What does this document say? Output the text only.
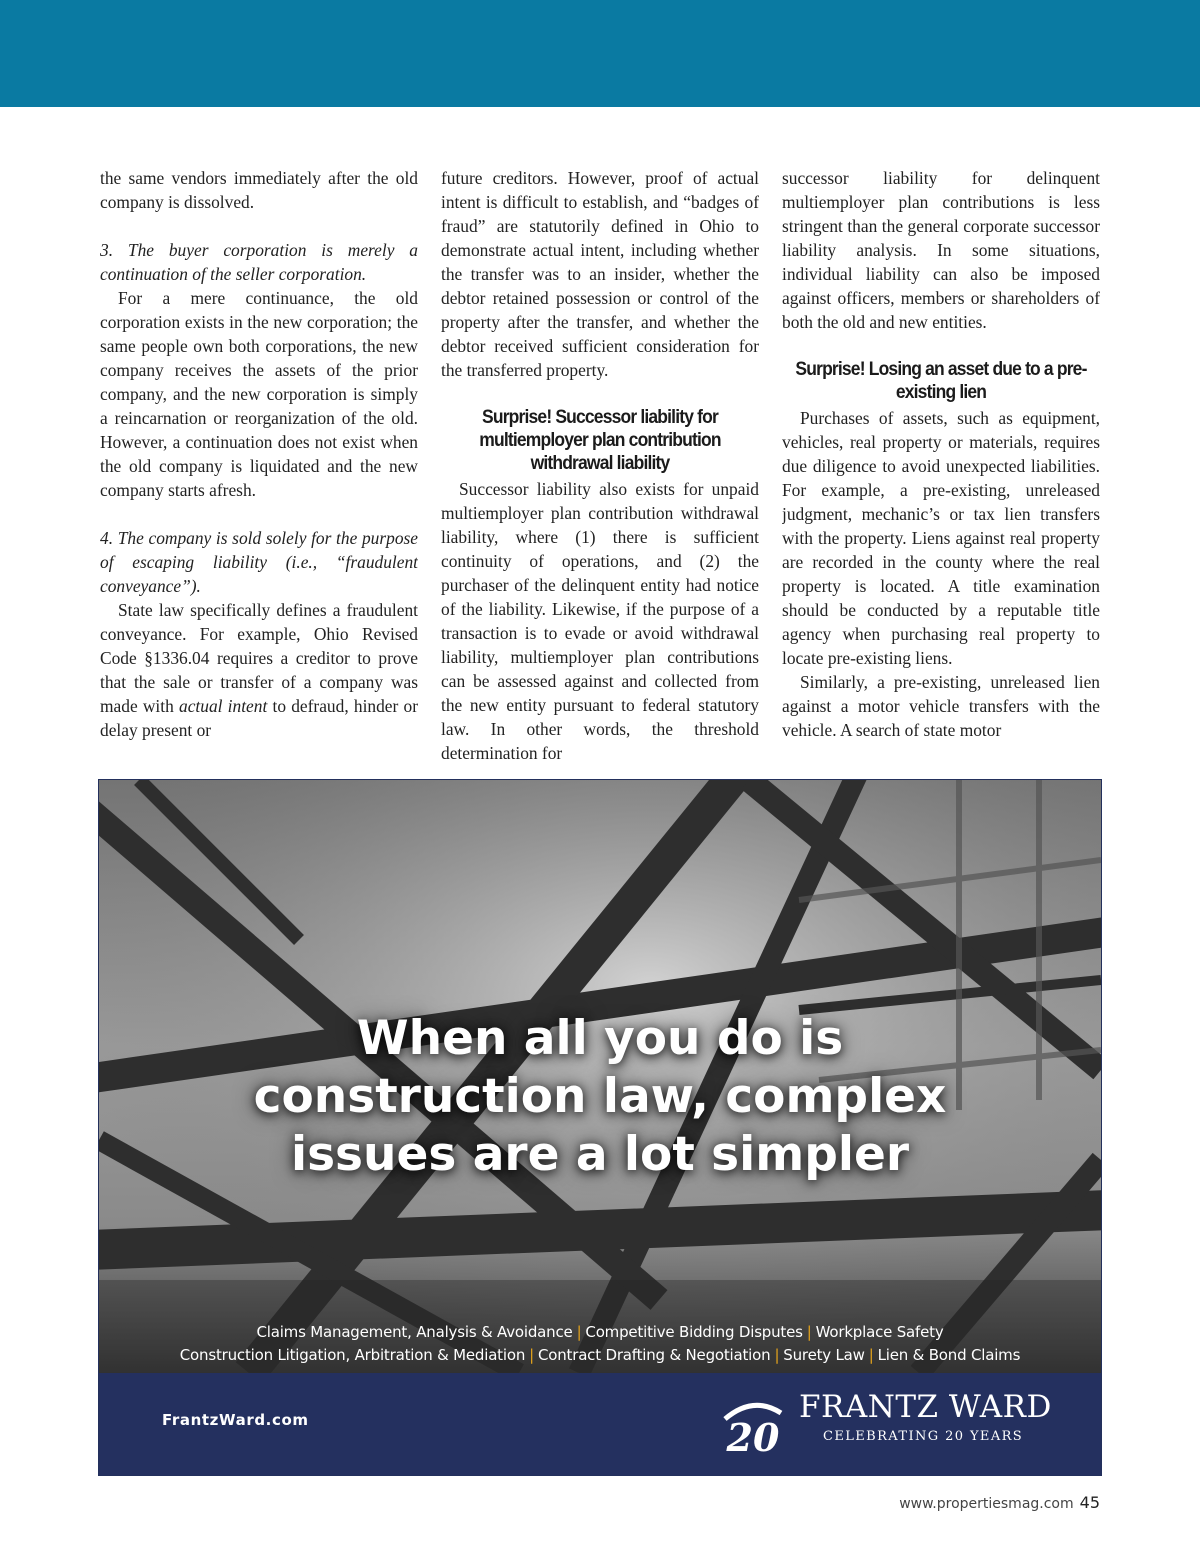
the same vendors immediately after the old company is dissolved.

3. The buyer corporation is merely a continuation of the seller corporation.

For a mere continuance, the old corporation exists in the new corporation; the same people own both corporations, the new company receives the assets of the prior company, and the new corporation is simply a reincarnation or reorganization of the old. However, a continuation does not exist when the old company is liquidated and the new company starts afresh.

4. The company is sold solely for the purpose of escaping liability (i.e., “fraudulent conveyance”).

State law specifically defines a fraudulent conveyance. For example, Ohio Revised Code §1336.04 requires a creditor to prove that the sale or transfer of a company was made with actual intent to defraud, hinder or delay present or

future creditors. However, proof of actual intent is difficult to establish, and “badges of fraud” are statutorily defined in Ohio to demonstrate actual intent, including whether the transfer was to an insider, whether the debtor retained possession or control of the property after the transfer, and whether the debtor received sufficient consideration for the transferred property.

Surprise! Successor liability for multiemployer plan contribution withdrawal liability

Successor liability also exists for unpaid multiemployer plan contribution withdrawal liability, where (1) there is sufficient continuity of operations, and (2) the purchaser of the delinquent entity had notice of the liability. Likewise, if the purpose of a transaction is to evade or avoid withdrawal liability, multiemployer plan contributions can be assessed against and collected from the new entity pursuant to federal statutory law. In other words, the threshold determination for

successor liability for delinquent multiemployer plan contributions is less stringent than the general corporate successor liability analysis. In some situations, individual liability can also be imposed against officers, members or shareholders of both the old and new entities.

Surprise! Losing an asset due to a pre-existing lien

Purchases of assets, such as equipment, vehicles, real property or materials, requires due diligence to avoid unexpected liabilities. For example, a pre-existing, unreleased judgment, mechanic’s or tax lien transfers with the property. Liens against real property are recorded in the county where the real property is located. A title examination should be conducted by a reputable title agency when purchasing real property to locate pre-existing liens.

Similarly, a pre-existing, unreleased lien against a motor vehicle transfers with the vehicle. A search of state motor

When all you do is
construction law, complex
issues are a lot simpler
Claims Management, Analysis & Avoidance | Competitive Bidding Disputes | Workplace Safety
Construction Litigation, Arbitration & Mediation | Contract Drafting & Negotiation | Surety Law | Lien & Bond Claims
FrantzWard.com	20
FRANTZ WARD
CELEBRATING 20 YEARS
www.propertiesmag.com 45
